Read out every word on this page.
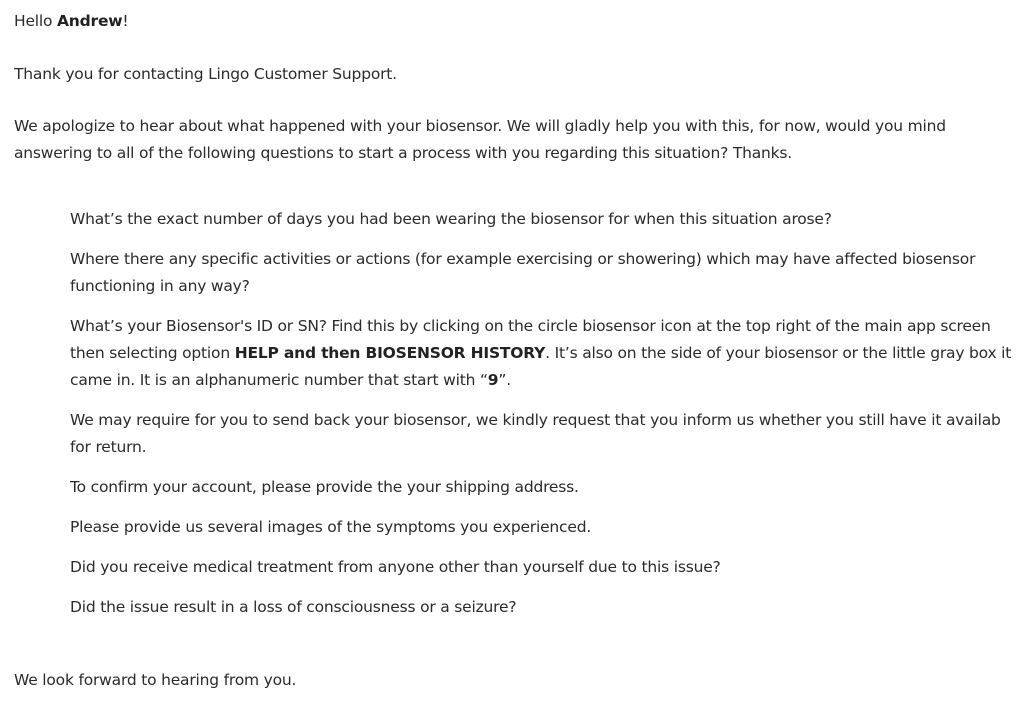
Hello Andrew!
Thank you for contacting Lingo Customer Support.
We apologize to hear about what happened with your biosensor. We will gladly help you with this, for now, would you mind
answering to all of the following questions to start a process with you regarding this situation? Thanks.
What’s the exact number of days you had been wearing the biosensor for when this situation arose?
Where there any specific activities or actions (for example exercising or showering) which may have affected biosensor
functioning in any way?
What’s your Biosensor's ID or SN? Find this by clicking on the circle biosensor icon at the top right of the main app screen
then selecting option HELP and then BIOSENSOR HISTORY. It’s also on the side of your biosensor or the little gray box it
came in. It is an alphanumeric number that start with “9”.
We may require for you to send back your biosensor, we kindly request that you inform us whether you still have it availab
for return.
To confirm your account, please provide the your shipping address.
Please provide us several images of the symptoms you experienced.
Did you receive medical treatment from anyone other than yourself due to this issue?
Did the issue result in a loss of consciousness or a seizure?
We look forward to hearing from you.
